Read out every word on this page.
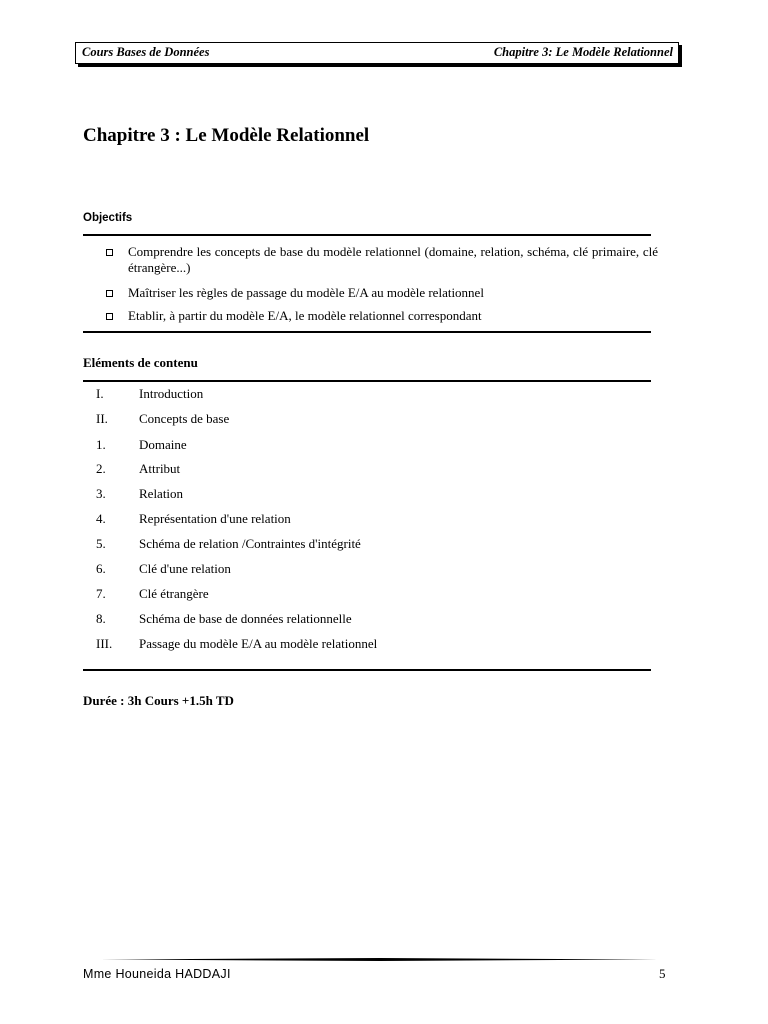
Cours Bases de Données	Chapitre 3: Le Modèle Relationnel
Chapitre 3 : Le Modèle Relationnel
Objectifs
Comprendre les concepts de base du modèle relationnel (domaine, relation, schéma, clé primaire, clé étrangère...)
Maîtriser les règles de passage du modèle E/A au modèle relationnel
Etablir, à partir du modèle E/A, le modèle relationnel correspondant
Eléments de contenu
I.	Introduction
II. Concepts de base
1.	Domaine
2.	Attribut
3.	Relation
4.	Représentation d'une relation
5.	Schéma de relation /Contraintes d'intégrité
6.	Clé d'une relation
7.	Clé étrangère
8.	Schéma de base de données relationnelle
III. Passage du modèle E/A au modèle relationnel
Durée : 3h Cours +1.5h TD
Mme Houneida HADDAJI	5
